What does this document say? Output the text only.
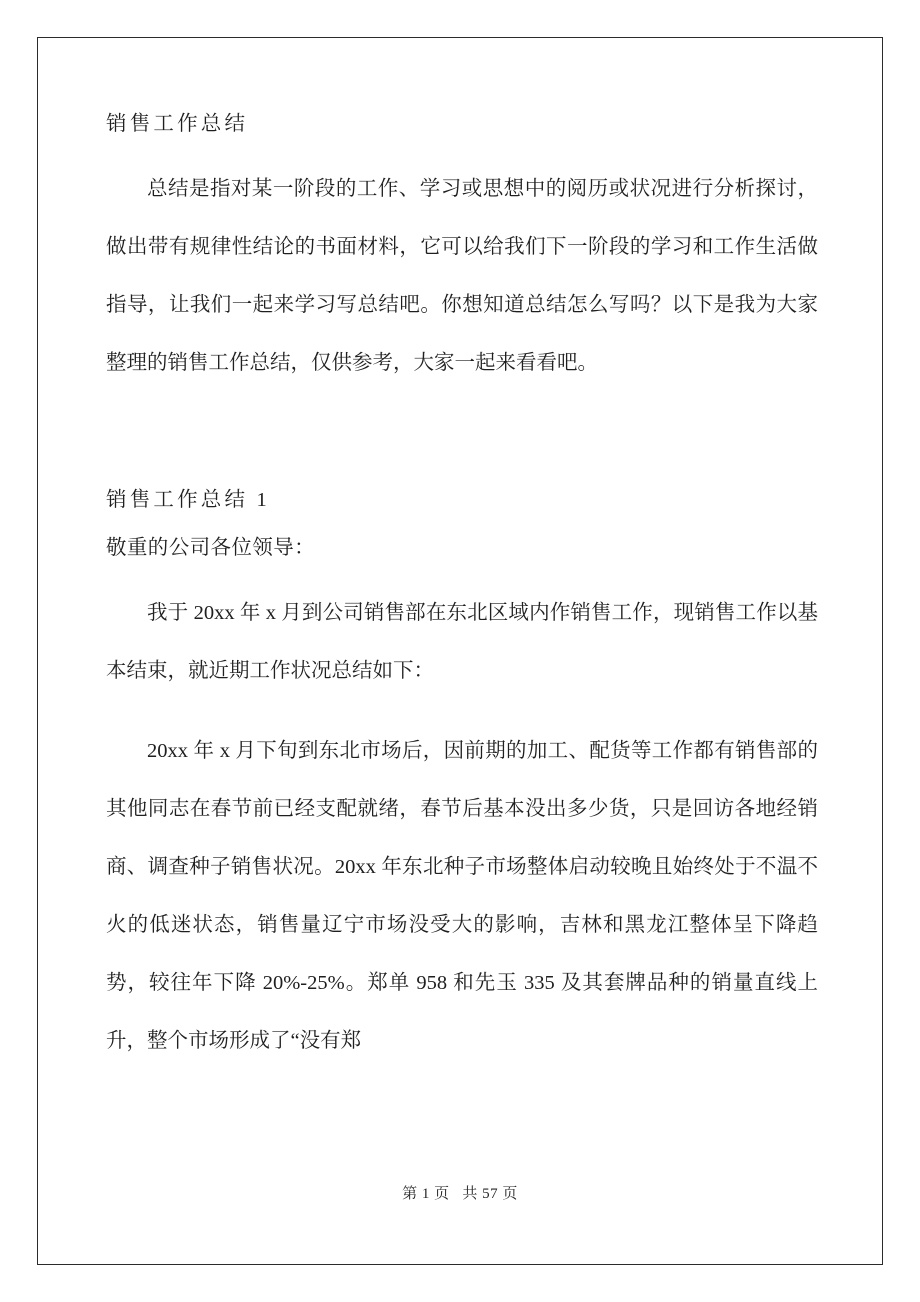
销售工作总结

总结是指对某一阶段的工作、学习或思想中的阅历或状况进行分析探讨，做出带有规律性结论的书面材料，它可以给我们下一阶段的学习和工作生活做指导，让我们一起来学习写总结吧。你想知道总结怎么写吗？以下是我为大家整理的销售工作总结，仅供参考，大家一起来看看吧。

销售工作总结 1
敬重的公司各位领导：

我于 20xx 年 x 月到公司销售部在东北区域内作销售工作，现销售工作以基本结束，就近期工作状况总结如下：

20xx 年 x 月下旬到东北市场后，因前期的加工、配货等工作都有销售部的其他同志在春节前已经支配就绪，春节后基本没出多少货，只是回访各地经销商、调查种子销售状况。20xx 年东北种子市场整体启动较晚且始终处于不温不火的低迷状态，销售量辽宁市场没受大的影响，吉林和黑龙江整体呈下降趋势，较往年下降 20%-25%。郑单 958 和先玉 335 及其套牌品种的销量直线上升，整个市场形成了“没有郑

第 1 页   共 57 页
